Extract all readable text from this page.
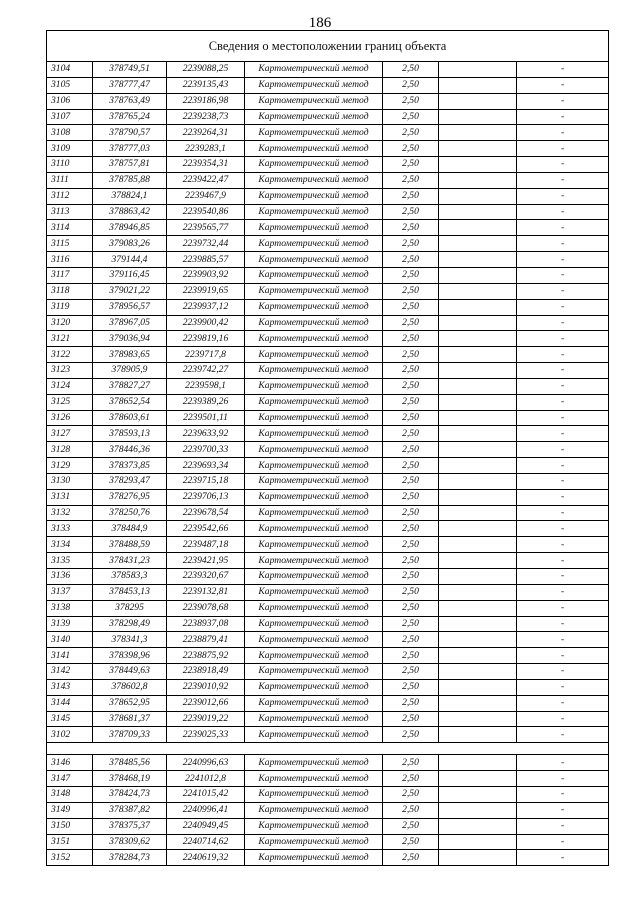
186
Сведения о местоположении границ объекта						
3104	378749,51	2239088,25	Картометрический метод	2,50		-
3105	378777,47	2239135,43	Картометрический метод	2,50		-
3106	378763,49	2239186,98	Картометрический метод	2,50		-
3107	378765,24	2239238,73	Картометрический метод	2,50		-
3108	378790,57	2239264,31	Картометрический метод	2,50		-
3109	378777,03	2239283,1	Картометрический метод	2,50		-
3110	378757,81	2239354,31	Картометрический метод	2,50		-
3111	378785,88	2239422,47	Картометрический метод	2,50		-
3112	378824,1	2239467,9	Картометрический метод	2,50		-
3113	378863,42	2239540,86	Картометрический метод	2,50		-
3114	378946,85	2239565,77	Картометрический метод	2,50		-
3115	379083,26	2239732,44	Картометрический метод	2,50		-
3116	379144,4	2239885,57	Картометрический метод	2,50		-
3117	379116,45	2239903,92	Картометрический метод	2,50		-
3118	379021,22	2239919,65	Картометрический метод	2,50		-
3119	378956,57	2239937,12	Картометрический метод	2,50		-
3120	378967,05	2239900,42	Картометрический метод	2,50		-
3121	379036,94	2239819,16	Картометрический метод	2,50		-
3122	378983,65	2239717,8	Картометрический метод	2,50		-
3123	378905,9	2239742,27	Картометрический метод	2,50		-
3124	378827,27	2239598,1	Картометрический метод	2,50		-
3125	378652,54	2239389,26	Картометрический метод	2,50		-
3126	378603,61	2239501,11	Картометрический метод	2,50		-
3127	378593,13	2239633,92	Картометрический метод	2,50		-
3128	378446,36	2239700,33	Картометрический метод	2,50		-
3129	378373,85	2239693,34	Картометрический метод	2,50		-
3130	378293,47	2239715,18	Картометрический метод	2,50		-
3131	378276,95	2239706,13	Картометрический метод	2,50		-
3132	378250,76	2239678,54	Картометрический метод	2,50		-
3133	378484,9	2239542,66	Картометрический метод	2,50		-
3134	378488,59	2239487,18	Картометрический метод	2,50		-
3135	378431,23	2239421,95	Картометрический метод	2,50		-
3136	378583,3	2239320,67	Картометрический метод	2,50		-
3137	378453,13	2239132,81	Картометрический метод	2,50		-
3138	378295	2239078,68	Картометрический метод	2,50		-
3139	378298,49	2238937,08	Картометрический метод	2,50		-
3140	378341,3	2238879,41	Картометрический метод	2,50		-
3141	378398,96	2238875,92	Картометрический метод	2,50		-
3142	378449,63	2238918,49	Картометрический метод	2,50		-
3143	378602,8	2239010,92	Картометрический метод	2,50		-
3144	378652,95	2239012,66	Картометрический метод	2,50		-
3145	378681,37	2239019,22	Картометрический метод	2,50		-
3102	378709,33	2239025,33	Картометрический метод	2,50		-

3146	378485,56	2240996,63	Картометрический метод	2,50		-
3147	378468,19	2241012,8	Картометрический метод	2,50		-
3148	378424,73	2241015,42	Картометрический метод	2,50		-
3149	378387,82	2240996,41	Картометрический метод	2,50		-
3150	378375,37	2240949,45	Картометрический метод	2,50		-
3151	378309,62	2240714,62	Картометрический метод	2,50		-
3152	378284,73	2240619,32	Картометрический метод	2,50		-
